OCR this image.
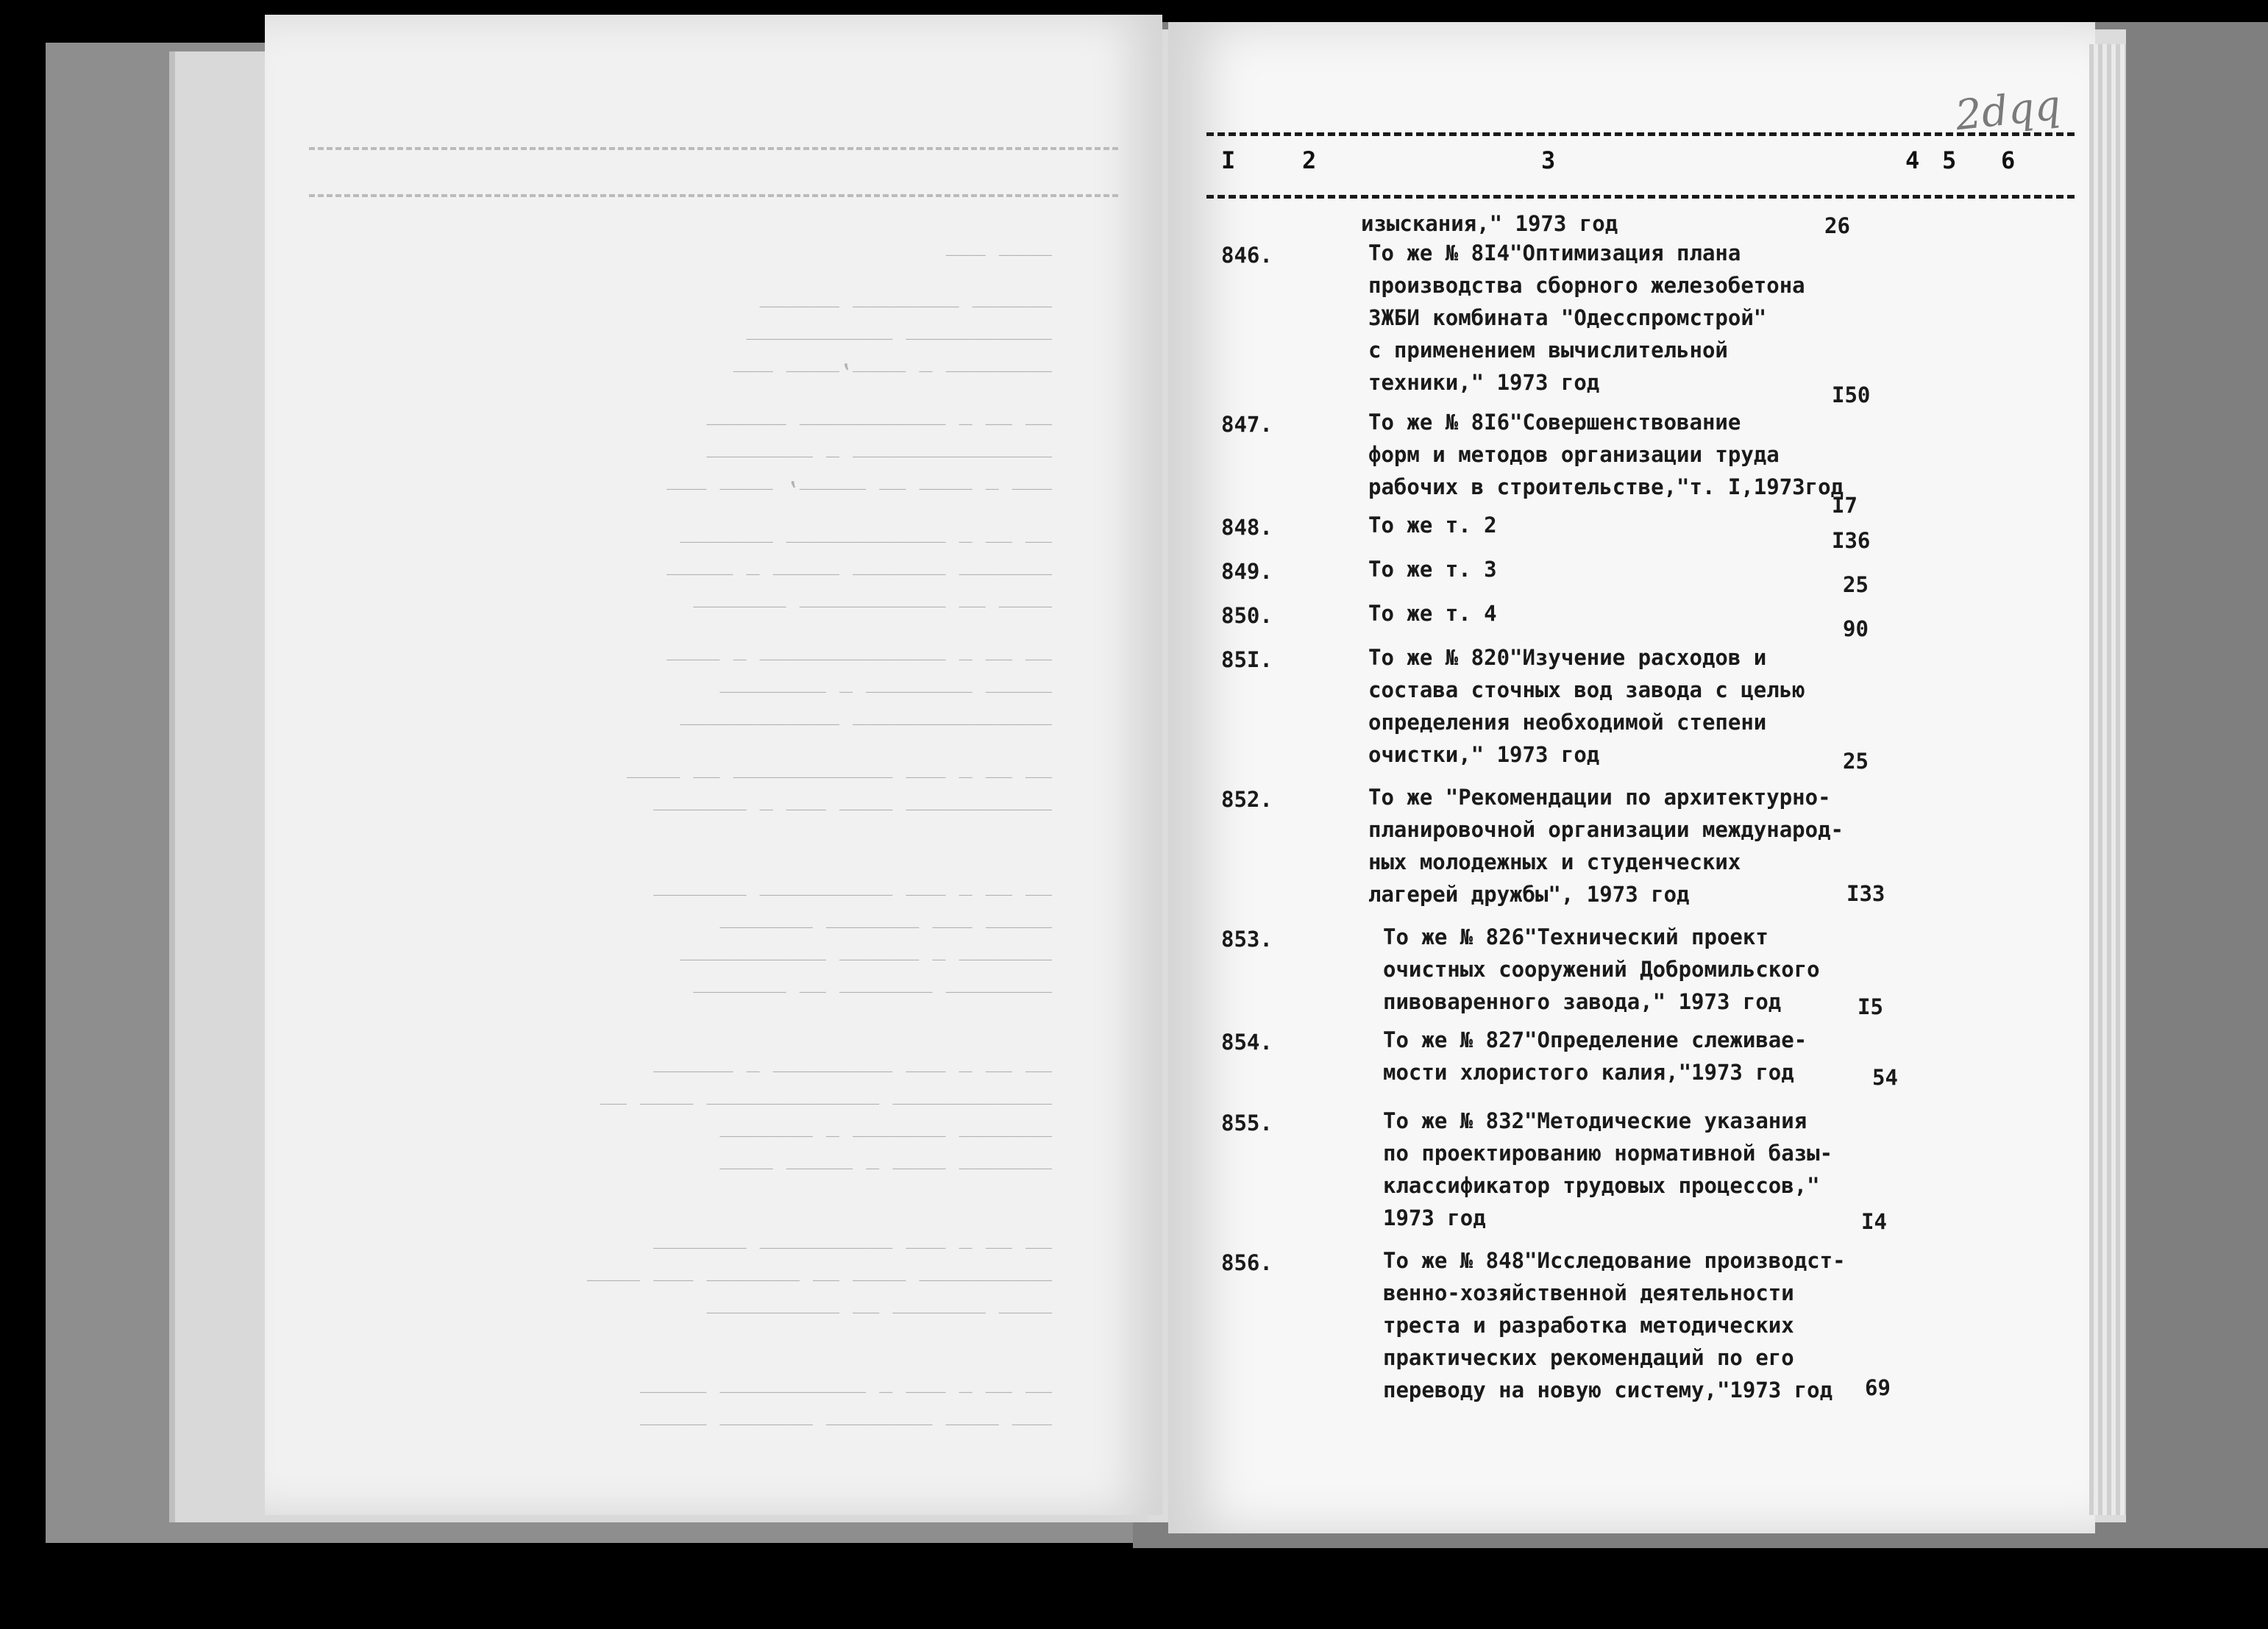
____ ___
______ ________ ______
___________ ___________
________ _ ____,____ ___
__ __ _ ___________ ______
_______________ _ ________
___ _ ____ __ _____, ____ ___
__ __ _ ____________ _______
_______ _______ _____ _ _____
____ __ ___________ _______
__ __ _ ______________ _ ____
_____ ________ _ ________
_______________ ____________
__ __ _ ___ ____________ __ ____
___________ ____ ___ _ _______
__ __ _ ___ __________ _______
_____ ___ _______ _______
_______ _ ______ ___________
________ _______ __ _______
__ __ _ ___ _________ _ ______
____________ _____________ ____ __
_______ _______ _ _______
_______ ____ _ _____ ____
__ __ _ ___ __________ _______
__________ ____ __ _______ ___ ____
____ _______ __ __________
__ __ _ ___ _ ___________ _____
___ ____ ________ _______ _____
2dqq
I	2	3	4 5 6
изыскания," 1973 год	26
846.	То же № 8I4"Оптимизация плана
производства сборного железобетона
ЗЖБИ комбината "Одесспромстрой"
с применением вычислительной
техники," 1973 год	I50
847.	То же № 8I6"Совершенствование
форм и методов организации труда
рабочих в строительстве,"т. I,1973год
I7
848.	То же т. 2
I36
849.	То же т. 3
25
850.	То же т. 4
90
85I.	То же № 820"Изучение расходов и
состава сточных вод завода с целью
определения необходимой степени
очистки," 1973 год	25
852.	То же "Рекомендации по архитектурно-
планировочной организации международ-
ных молодежных и студенческих
лагерей дружбы", 1973 год	I33
853.	То же № 826"Технический проект
очистных сооружений Добромильского
пивоваренного завода," 1973 год	I5
854.	То же № 827"Определение слеживае-
мости хлористого калия,"1973 год	54
855.	То же № 832"Методические указания
по проектированию нормативной базы-
классификатор трудовых процессов,"
1973 год	I4
856.	То же № 848"Исследование производст-
венно-хозяйственной деятельности
треста и разработка методических
практических рекомендаций по его
переводу на новую систему,"1973 год	69
